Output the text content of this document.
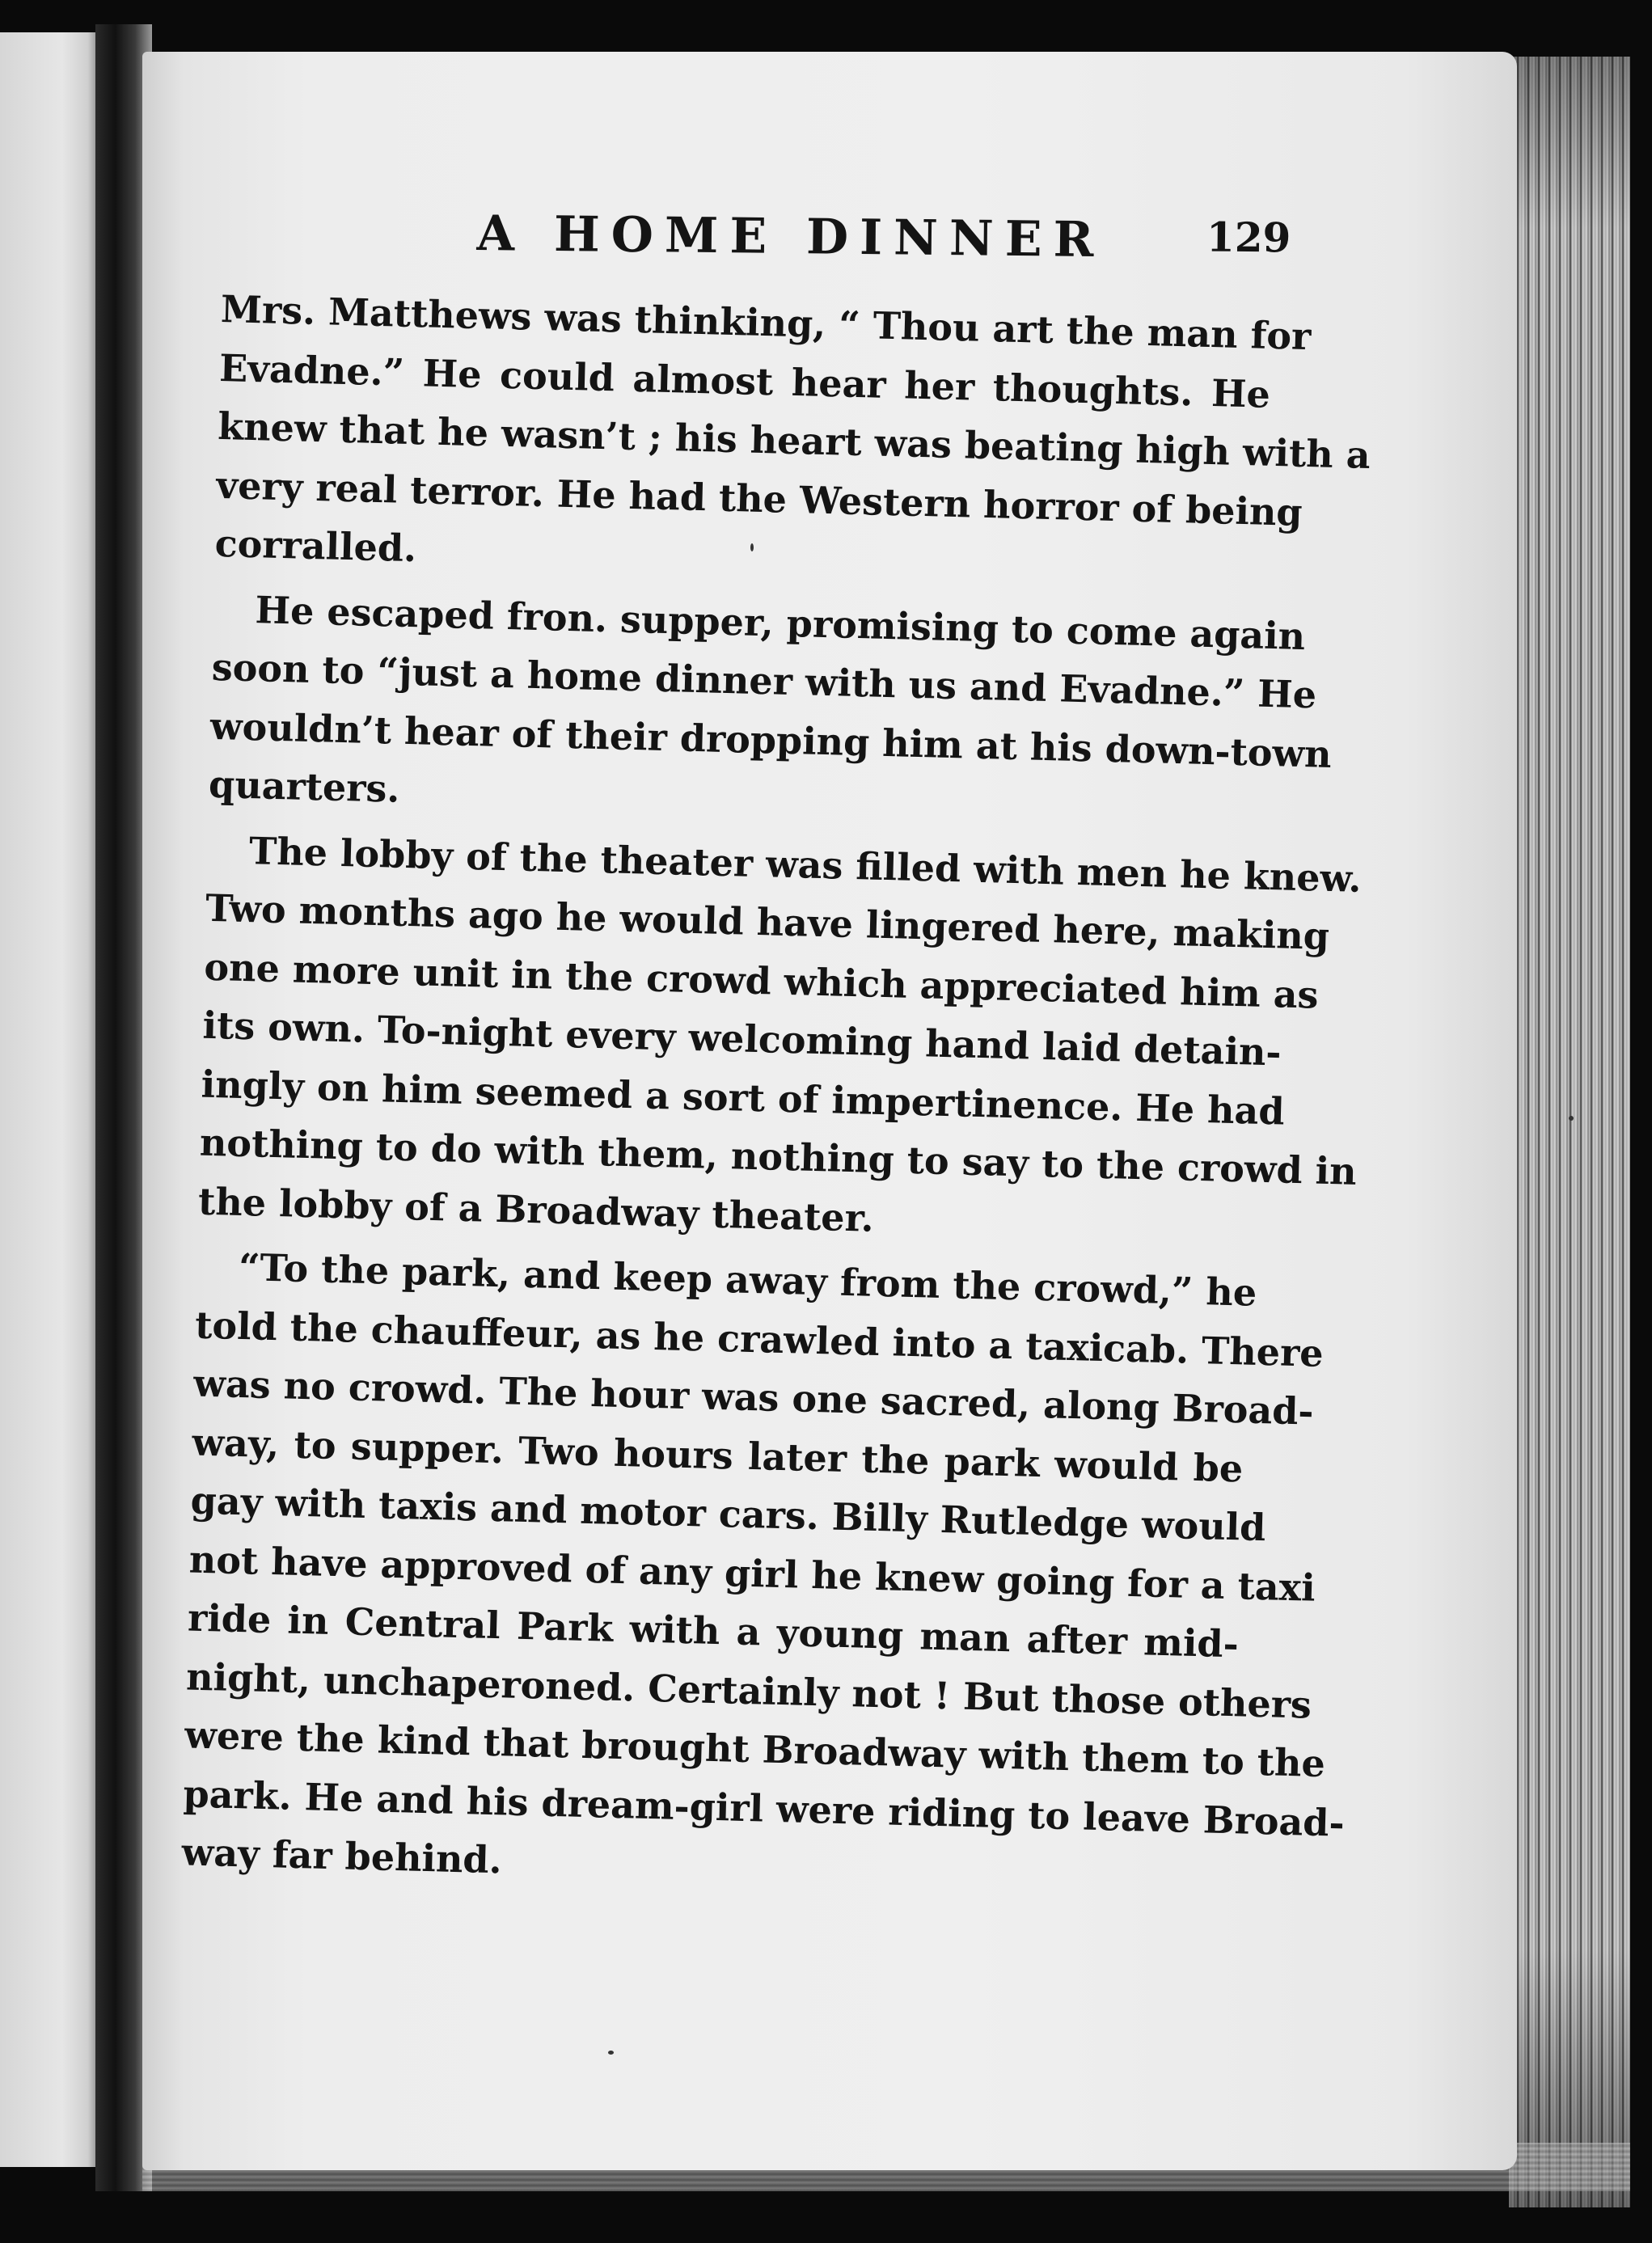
A HOME DINNER 129
Mrs. Matthews was thinking, “ Thou art the man for
Evadne.” He could almost hear her thoughts. He
knew that he wasn’t ; his heart was beating high with a
very real terror. He had the Western horror of being
corralled.
He escaped fron. supper, promising to come again
soon to “just a home dinner with us and Evadne.” He
wouldn’t hear of their dropping him at his down-town
quarters.
The lobby of the theater was filled with men he knew.
Two months ago he would have lingered here, making
one more unit in the crowd which appreciated him as
its own. To-night every welcoming hand laid detain-
ingly on him seemed a sort of impertinence. He had
nothing to do with them, nothing to say to the crowd in
the lobby of a Broadway theater.
“To the park, and keep away from the crowd,” he
told the chauffeur, as he crawled into a taxicab. There
was no crowd. The hour was one sacred, along Broad-
way, to supper. Two hours later the park would be
gay with taxis and motor cars. Billy Rutledge would
not have approved of any girl he knew going for a taxi
ride in Central Park with a young man after mid-
night, unchaperoned. Certainly not ! But those others
were the kind that brought Broadway with them to the
park. He and his dream-girl were riding to leave Broad-
way far behind.
